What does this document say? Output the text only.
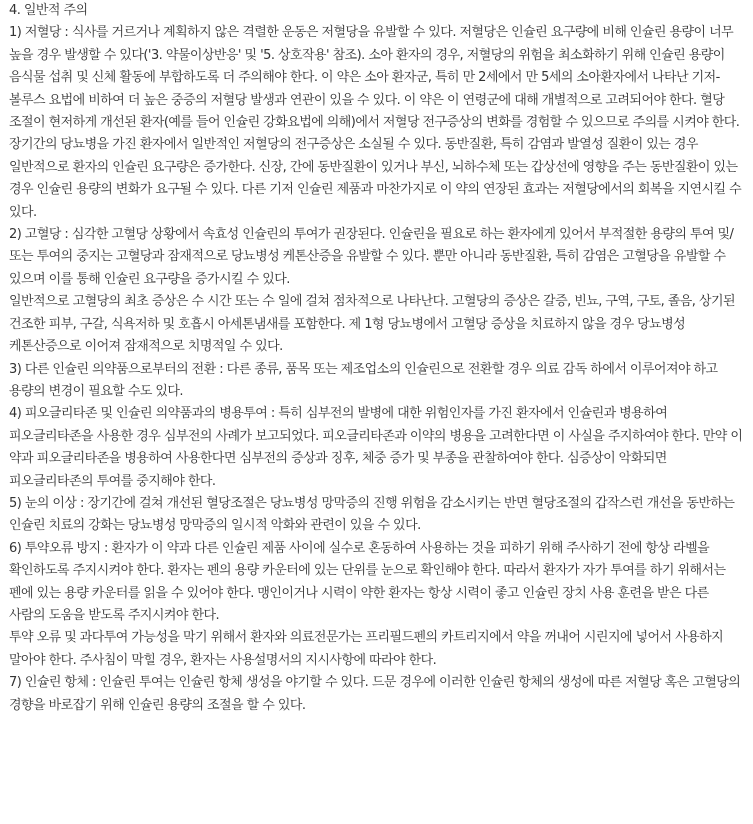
4. 일반적 주의

1) 저혈당 : 식사를 거르거나 계획하지 않은 격렬한 운동은 저혈당을 유발할 수 있다. 저혈당은 인슐린 요구량에 비해 인슐린 용량이 너무 높을 경우 발생할 수 있다('3. 약물이상반응' 및 '5. 상호작용' 참조). 소아 환자의 경우, 저혈당의 위험을 최소화하기 위해 인슐린 용량이 음식물 섭취 및 신체 활동에 부합하도록 더 주의해야 한다. 이 약은 소아 환자군, 특히 만 2세에서 만 5세의 소아환자에서 나타난 기저-볼루스 요법에 비하여 더 높은 중증의 저혈당 발생과 연관이 있을 수 있다. 이 약은 이 연령군에 대해 개별적으로 고려되어야 한다. 혈당 조절이 현저하게 개선된 환자(예를 들어 인슐린 강화요법에 의해)에서 저혈당 전구증상의 변화를 경험할 수 있으므로 주의를 시켜야 한다. 장기간의 당뇨병을 가진 환자에서 일반적인 저혈당의 전구증상은 소실될 수 있다. 동반질환, 특히 감염과 발열성 질환이 있는 경우 일반적으로 환자의 인슐린 요구량은 증가한다. 신장, 간에 동반질환이 있거나 부신, 뇌하수체 또는 갑상선에 영향을 주는 동반질환이 있는 경우 인슐린 용량의 변화가 요구될 수 있다. 다른 기저 인슐린 제품과 마찬가지로 이 약의 연장된 효과는 저혈당에서의 회복을 지연시킬 수 있다.

2) 고혈당 : 심각한 고혈당 상황에서 속효성 인슐린의 투여가 권장된다. 인슐린을 필요로 하는 환자에게 있어서 부적절한 용량의 투여 및/또는 투여의 중지는 고혈당과 잠재적으로 당뇨병성 케톤산증을 유발할 수 있다. 뿐만 아니라 동반질환, 특히 감염은 고혈당을 유발할 수 있으며 이를 통해 인슐린 요구량을 증가시킬 수 있다.

일반적으로 고혈당의 최초 증상은 수 시간 또는 수 일에 걸쳐 점차적으로 나타난다. 고혈당의 증상은 갈증, 빈뇨, 구역, 구토, 졸음, 상기된 건조한 피부, 구갈, 식욕저하 및 호흡시 아세톤냄새를 포함한다. 제 1형 당뇨병에서 고혈당 증상을 치료하지 않을 경우 당뇨병성 케톤산증으로 이어져 잠재적으로 치명적일 수 있다.

3) 다른 인슐린 의약품으로부터의 전환 : 다른 종류, 품목 또는 제조업소의 인슐린으로 전환할 경우 의료 감독 하에서 이루어져야 하고 용량의 변경이 필요할 수도 있다.

4) 피오글리타존 및 인슐린 의약품과의 병용투여 : 특히 심부전의 발병에 대한 위험인자를 가진 환자에서 인슐린과 병용하여 피오글리타존을 사용한 경우 심부전의 사례가 보고되었다. 피오글리타존과 이약의 병용을 고려한다면 이 사실을 주지하여야 한다. 만약 이 약과 피오글리타존을 병용하여 사용한다면 심부전의 증상과 징후, 체중 증가 및 부종을 관찰하여야 한다. 심증상이 악화되면 피오글리타존의 투여를 중지해야 한다.

5) 눈의 이상 : 장기간에 걸쳐 개선된 혈당조절은 당뇨병성 망막증의 진행 위험을 감소시키는 반면 혈당조절의 갑작스런 개선을 동반하는 인슐린 치료의 강화는 당뇨병성 망막증의 일시적 악화와 관련이 있을 수 있다.

6) 투약오류 방지 : 환자가 이 약과 다른 인슐린 제품 사이에 실수로 혼동하여 사용하는 것을 피하기 위해 주사하기 전에 항상 라벨을 확인하도록 주지시켜야 한다. 환자는 펜의 용량 카운터에 있는 단위를 눈으로 확인해야 한다. 따라서 환자가 자가 투여를 하기 위해서는 펜에 있는 용량 카운터를 읽을 수 있어야 한다. 맹인이거나 시력이 약한 환자는 항상 시력이 좋고 인슐린 장치 사용 훈련을 받은 다른 사람의 도움을 받도록 주지시켜야 한다.

투약 오류 및 과다투여 가능성을 막기 위해서 환자와 의료전문가는 프리필드펜의 카트리지에서 약을 꺼내어 시린지에 넣어서 사용하지 말아야 한다. 주사침이 막힐 경우, 환자는 사용설명서의 지시사항에 따라야 한다.

7) 인슐린 항체 : 인슐린 투여는 인슐린 항체 생성을 야기할 수 있다. 드문 경우에 이러한 인슐린 항체의 생성에 따른 저혈당 혹은 고혈당의 경향을 바로잡기 위해 인슐린 용량의 조절을 할 수 있다.
